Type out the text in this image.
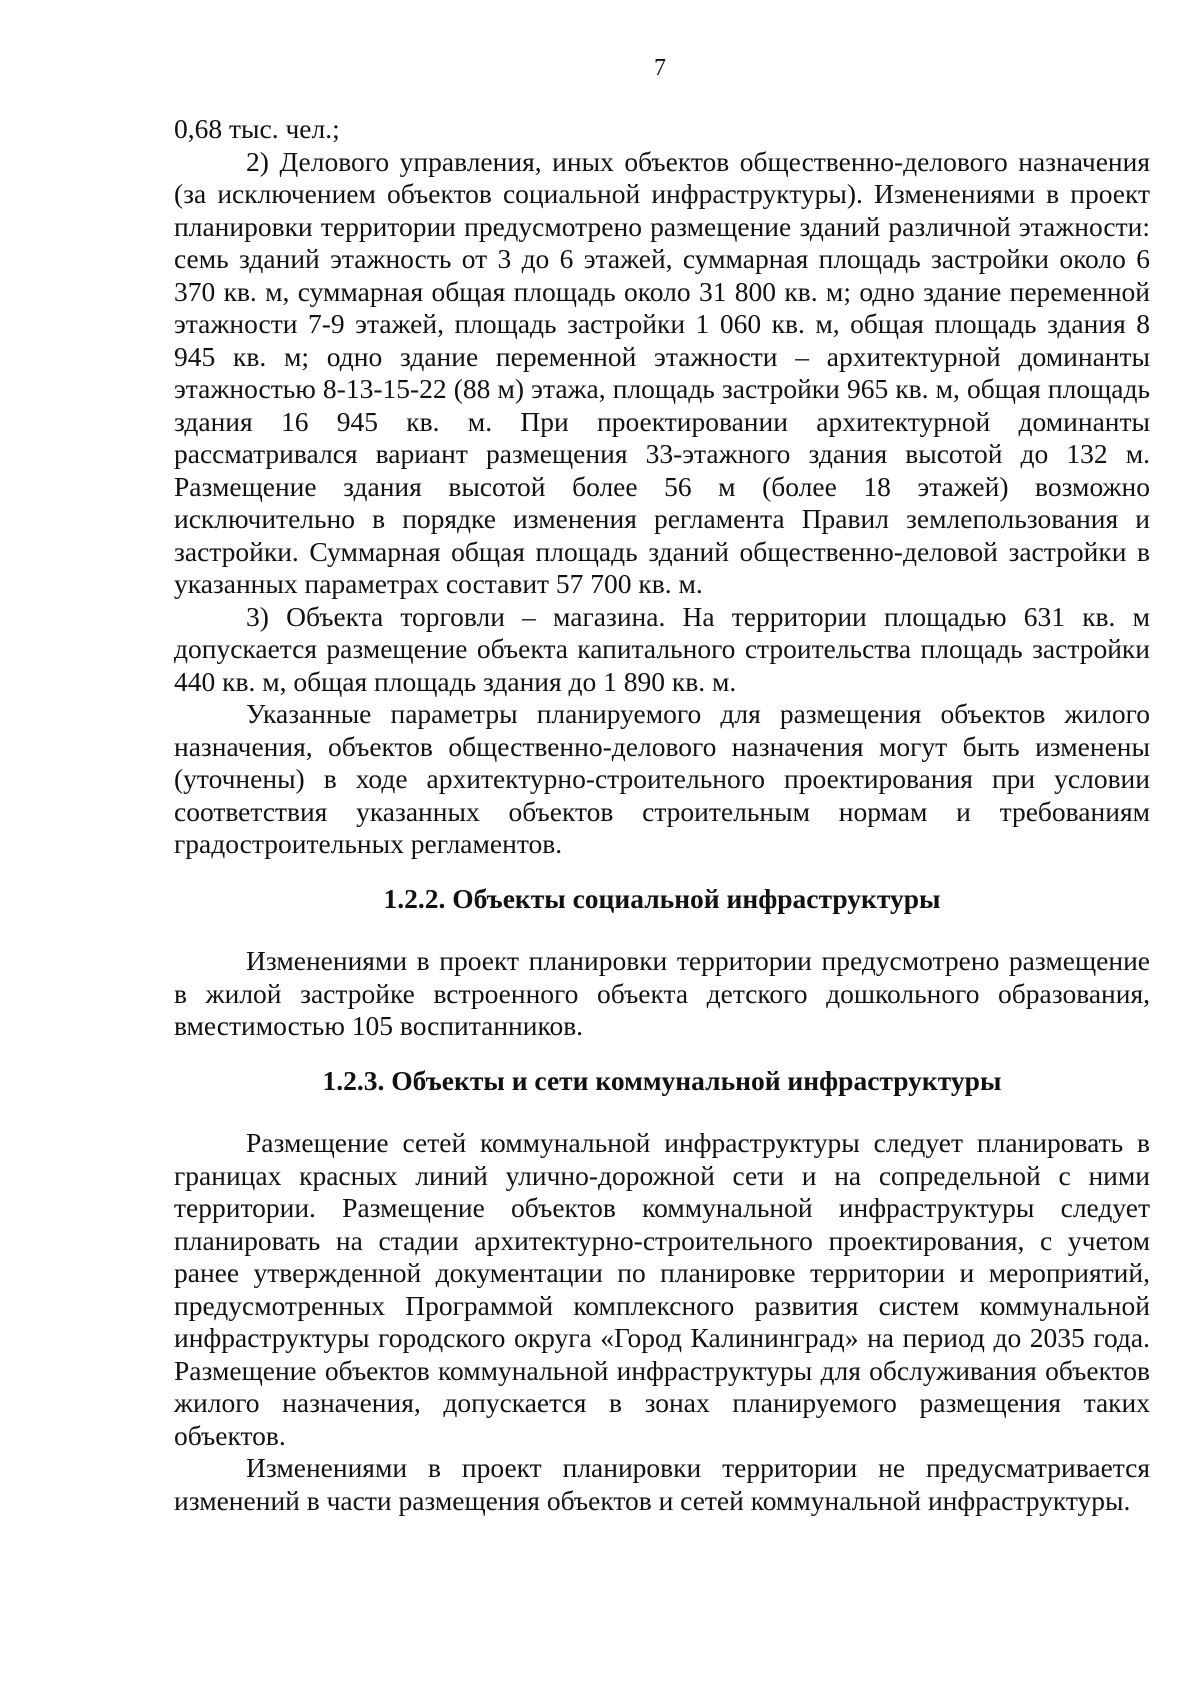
7

0,68 тыс. чел.;

2) Делового управления, иных объектов общественно-делового назначения (за исключением объектов социальной инфраструктуры). Изменениями в проект планировки территории предусмотрено размещение зданий различной этажности: семь зданий этажность от 3 до 6 этажей, суммарная площадь застройки около 6 370 кв. м, суммарная общая площадь около 31 800 кв. м; одно здание переменной этажности 7-9 этажей, площадь застройки 1 060 кв. м, общая площадь здания 8 945 кв. м; одно здание переменной этажности – архитектурной доминанты этажностью 8-13-15-22 (88 м) этажа, площадь застройки 965 кв. м, общая площадь здания 16 945 кв. м. При проектировании архитектурной доминанты рассматривался вариант размещения 33-этажного здания высотой до 132 м. Размещение здания высотой более 56 м (более 18 этажей) возможно исключительно в порядке изменения регламента Правил землепользования и застройки. Суммарная общая площадь зданий общественно-деловой застройки в указанных параметрах составит 57 700 кв. м.

3) Объекта торговли – магазина. На территории площадью 631 кв. м допускается размещение объекта капитального строительства площадь застройки 440 кв. м, общая площадь здания до 1 890 кв. м.

Указанные параметры планируемого для размещения объектов жилого назначения, объектов общественно-делового назначения могут быть изменены (уточнены) в ходе архитектурно-строительного проектирования при условии соответствия указанных объектов строительным нормам и требованиям градостроительных регламентов.

1.2.2. Объекты социальной инфраструктуры

Изменениями в проект планировки территории предусмотрено размещение в жилой застройке встроенного объекта детского дошкольного образования, вместимостью 105 воспитанников.

1.2.3. Объекты и сети коммунальной инфраструктуры

Размещение сетей коммунальной инфраструктуры следует планировать в границах красных линий улично-дорожной сети и на сопредельной с ними территории. Размещение объектов коммунальной инфраструктуры следует планировать на стадии архитектурно-строительного проектирования, с учетом ранее утвержденной документации по планировке территории и мероприятий, предусмотренных Программой комплексного развития систем коммунальной инфраструктуры городского округа «Город Калининград» на период до 2035 года. Размещение объектов коммунальной инфраструктуры для обслуживания объектов жилого назначения, допускается в зонах планируемого размещения таких объектов.

Изменениями в проект планировки территории не предусматривается изменений в части размещения объектов и сетей коммунальной инфраструктуры.
